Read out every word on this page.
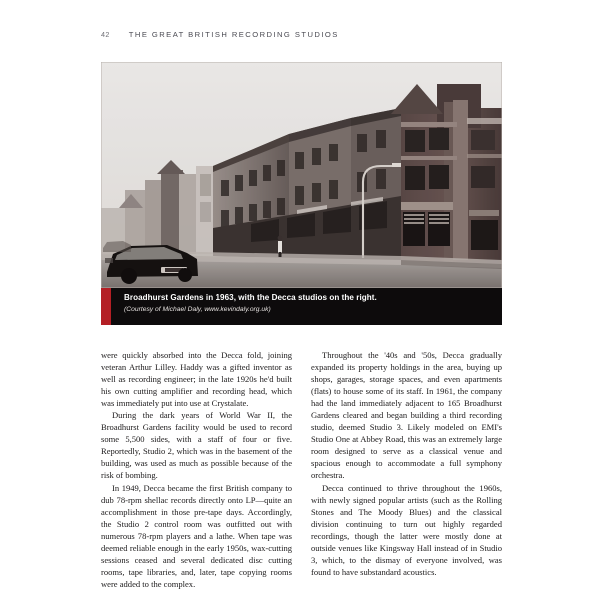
42	THE GREAT BRITISH RECORDING STUDIOS
Broadhurst Gardens in 1963, with the Decca studios on the right.
(Courtesy of Michael Daly, www.kevindaly.org.uk)

were quickly absorbed into the Decca fold, joining veteran Arthur Lilley. Haddy was a gifted inventor as well as recording engineer; in the late 1920s he'd built his own cutting amplifier and recording head, which was immediately put into use at Crystalate.

During the dark years of World War II, the Broadhurst Gardens facility would be used to record some 5,500 sides, with a staff of four or five. Reportedly, Studio 2, which was in the basement of the building, was used as much as possible because of the risk of bombing.

In 1949, Decca became the first British company to dub 78-rpm shellac records directly onto LP—quite an accomplishment in those pre-tape days. Accordingly, the Studio 2 control room was outfitted out with numerous 78-rpm players and a lathe. When tape was deemed reliable enough in the early 1950s, wax-cutting sessions ceased and several dedicated disc cutting rooms, tape libraries, and, later, tape copying rooms were added to the complex.

Throughout the '40s and '50s, Decca gradually expanded its property holdings in the area, buying up shops, garages, storage spaces, and even apartments (flats) to house some of its staff. In 1961, the company had the land immediately adjacent to 165 Broadhurst Gardens cleared and began building a third recording studio, deemed Studio 3. Likely modeled on EMI's Studio One at Abbey Road, this was an extremely large room designed to serve as a classical venue and spacious enough to accommodate a full symphony orchestra.

Decca continued to thrive throughout the 1960s, with newly signed popular artists (such as the Rolling Stones and The Moody Blues) and the classical division continuing to turn out highly regarded recordings, though the latter were mostly done at outside venues like Kingsway Hall instead of in Studio 3, which, to the dismay of everyone involved, was found to have substandard acoustics.
